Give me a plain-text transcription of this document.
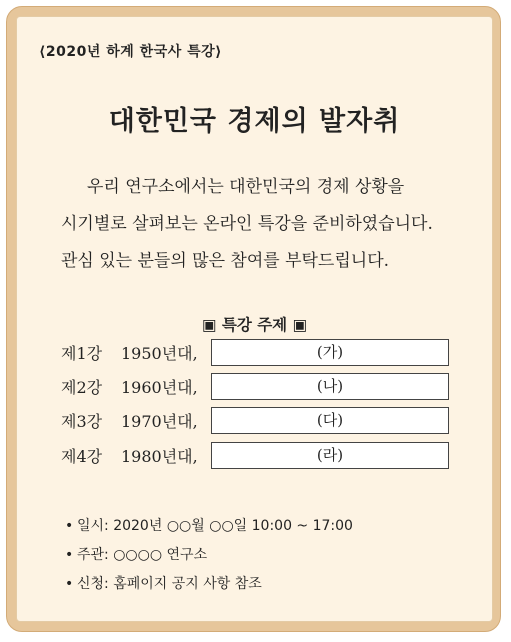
⟨2020년 하계 한국사 특강⟩
대한민국 경제의 발자취
우리 연구소에서는 대한민국의 경제 상황을
시기별로 살펴보는 온라인 특강을 준비하였습니다.
관심 있는 분들의 많은 참여를 부탁드립니다.
▣ 특강 주제 ▣
제1강 1950년대,	(가)
제2강 1960년대,	(나)
제3강 1970년대,	(다)
제4강 1980년대,	(라)
• 일시: 2020년 ○○월 ○○일 10:00 ~ 17:00
• 주관: ○○○○ 연구소
• 신청: 홈페이지 공지 사항 참조
